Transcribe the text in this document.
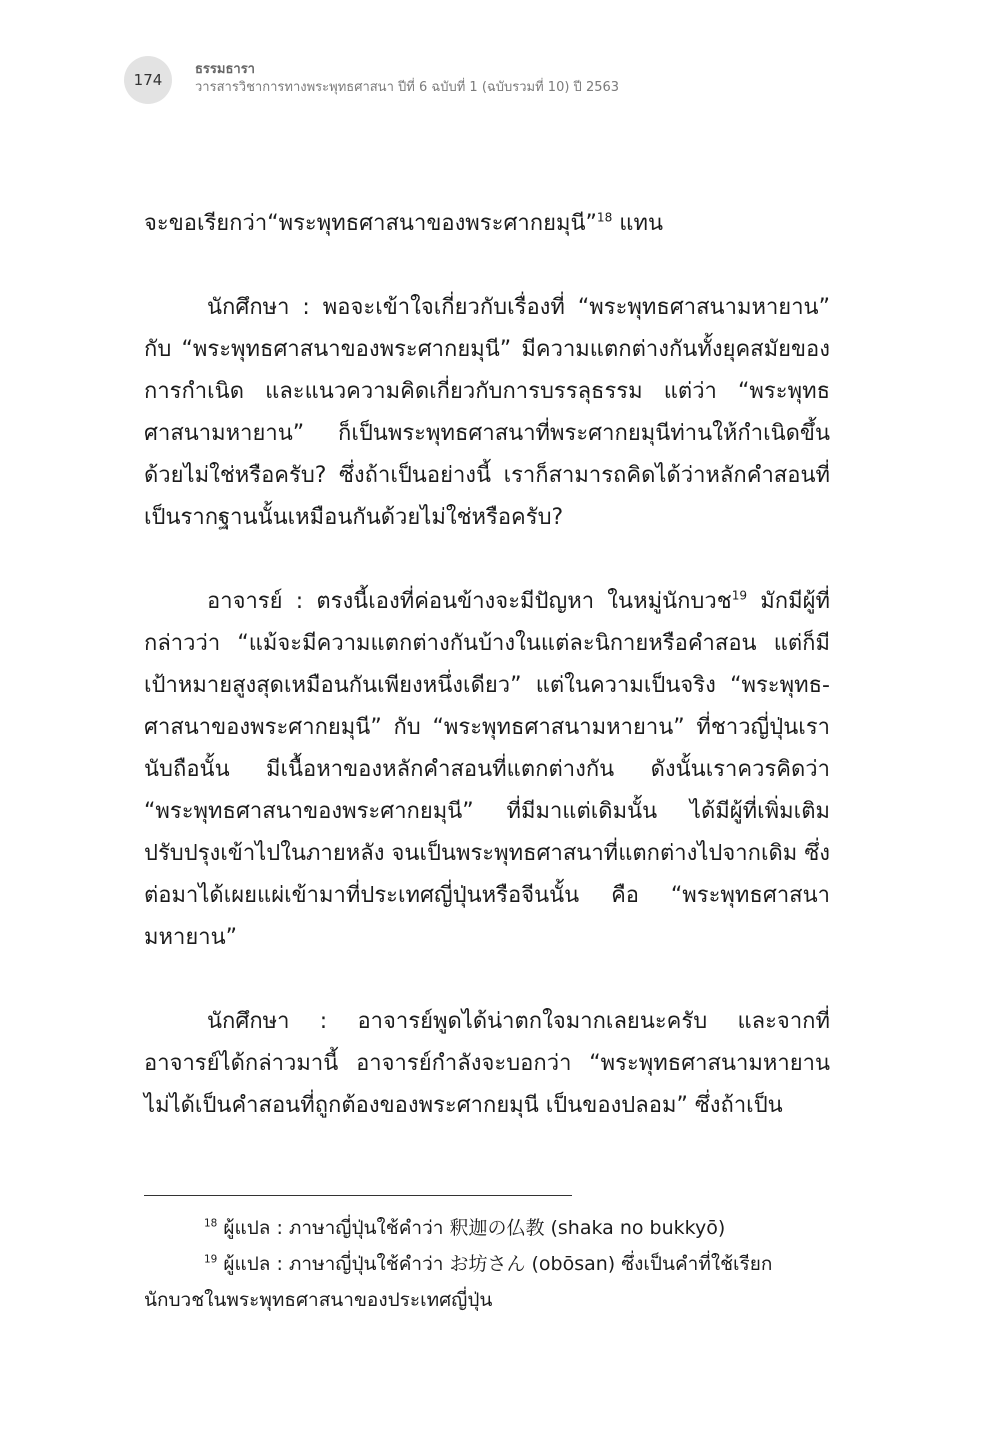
174
ธรรมธารา
วารสารวิชาการทางพระพุทธศาสนา ปีที่ 6 ฉบับที่ 1 (ฉบับรวมที่ 10) ปี 2563

จะขอเรียกว่า“พระพุทธศาสนาของพระศากยมุนี”$^{18}$ แทน

นักศึกษา : พอจะเข้าใจเกี่ยวกับเรื่องที่ “พระพุทธศาสนามหายาน” กับ “พระพุทธศาสนาของพระศากยมุนี” มีความแตกต่างกันทั้งยุคสมัยของการกำเนิด และแนวความคิดเกี่ยวกับการบรรลุธรรม แต่ว่า “พระพุทธศาสนามหายาน” ก็เป็นพระพุทธศาสนาที่พระศากยมุนีท่านให้กำเนิดขึ้นด้วยไม่ใช่หรือครับ? ซึ่งถ้าเป็นอย่างนี้ เราก็สามารถคิดได้ว่าหลักคำสอนที่เป็นรากฐานนั้นเหมือนกันด้วยไม่ใช่หรือครับ?

อาจารย์ : ตรงนี้เองที่ค่อนข้างจะมีปัญหา ในหมู่นักบวช$^{19}$ มักมีผู้ที่กล่าวว่า “แม้จะมีความแตกต่างกันบ้างในแต่ละนิกายหรือคำสอน แต่ก็มีเป้าหมายสูงสุดเหมือนกันเพียงหนึ่งเดียว” แต่ในความเป็นจริง “พระพุทธ-ศาสนาของพระศากยมุนี” กับ “พระพุทธศาสนามหายาน” ที่ชาวญี่ปุ่นเรานับถือนั้น มีเนื้อหาของหลักคำสอนที่แตกต่างกัน ดังนั้นเราควรคิดว่า “พระพุทธศาสนาของพระศากยมุนี” ที่มีมาแต่เดิมนั้น ได้มีผู้ที่เพิ่มเติมปรับปรุงเข้าไปในภายหลัง จนเป็นพระพุทธศาสนาที่แตกต่างไปจากเดิม ซึ่งต่อมาได้เผยแผ่เข้ามาที่ประเทศญี่ปุ่นหรือจีนนั้น คือ “พระพุทธศาสนามหายาน”

นักศึกษา : อาจารย์พูดได้น่าตกใจมากเลยนะครับ และจากที่อาจารย์ได้กล่าวมานี้ อาจารย์กำลังจะบอกว่า “พระพุทธศาสนามหายานไม่ได้เป็นคำสอนที่ถูกต้องของพระศากยมุนี เป็นของปลอม” ซึ่งถ้าเป็น

$^{18}$ ผู้แปล : ภาษาญี่ปุ่นใช้คำว่า 釈迦の仏教 (shaka no bukkyō)

$^{19}$ ผู้แปล : ภาษาญี่ปุ่นใช้คำว่า お坊さん (obōsan) ซึ่งเป็นคำที่ใช้เรียกนักบวชในพระพุทธศาสนาของประเทศญี่ปุ่น
